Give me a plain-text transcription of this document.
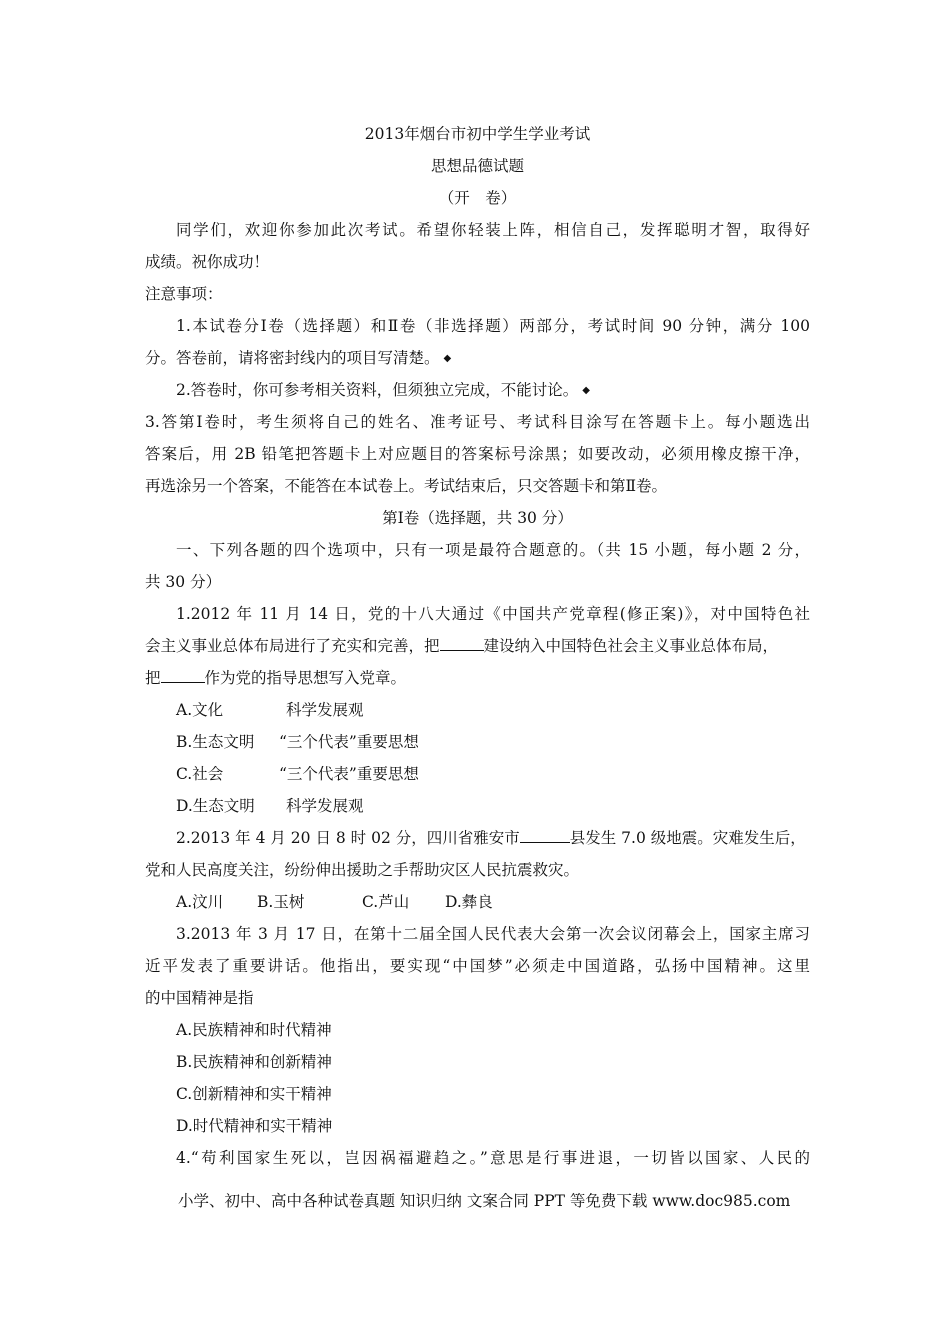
2013年烟台市初中学生学业考试
思想品德试题
（开　卷）
同学们，欢迎你参加此次考试。希望你轻装上阵，相信自己，发挥聪明才智，取得好
成绩。祝你成功！
注意事项：
1.本试卷分Ⅰ卷（选择题）和Ⅱ卷（非选择题）两部分，考试时间 90 分钟，满分 100
分。答卷前，请将密封线内的项目写清楚。 ◆
2.答卷时，你可参考相关资料，但须独立完成，不能讨论。 ◆
3.答第Ⅰ卷时，考生须将自己的姓名、准考证号、考试科目涂写在答题卡上。每小题选出
答案后，用 2B 铅笔把答题卡上对应题目的答案标号涂黑；如要改动，必须用橡皮擦干净，
再选涂另一个答案，不能答在本试卷上。考试结束后，只交答题卡和第Ⅱ卷。
第Ⅰ卷（选择题，共 30 分）
一、下列各题的四个选项中，只有一项是最符合题意的。（共 15 小题，每小题 2 分，
共 30 分）
1.2012 年 11 月 14 日，党的十八大通过《中国共产党章程(修正案)》，对中国特色社
会主义事业总体布局进行了充实和完善，把	建设纳入中国特色社会主义事业总体布局，
把	作为党的指导思想写入党章。
A.文化	科学发展观
B.生态文明 “三个代表”重要思想
C.社会	“三个代表”重要思想
D.生态文明 科学发展观
2.2013 年 4 月 20 日 8 时 02 分，四川省雅安市	县发生 7.0 级地震。灾难发生后，
党和人民高度关注，纷纷伸出援助之手帮助灾区人民抗震救灾。
A.汶川 B.玉树	C.芦山 D.彝良
3.2013 年 3 月 17 日，在第十二届全国人民代表大会第一次会议闭幕会上，国家主席习
近平发表了重要讲话。他指出，要实现“中国梦”必须走中国道路，弘扬中国精神。这里
的中国精神是指
A.民族精神和时代精神
B.民族精神和创新精神
C.创新精神和实干精神
D.时代精神和实干精神
4.“苟利国家生死以，岂因祸福避趋之。”意思是行事进退，一切皆以国家、人民的
小学、初中、高中各种试卷真题 知识归纳 文案合同 PPT 等免费下载 www.doc985.com
